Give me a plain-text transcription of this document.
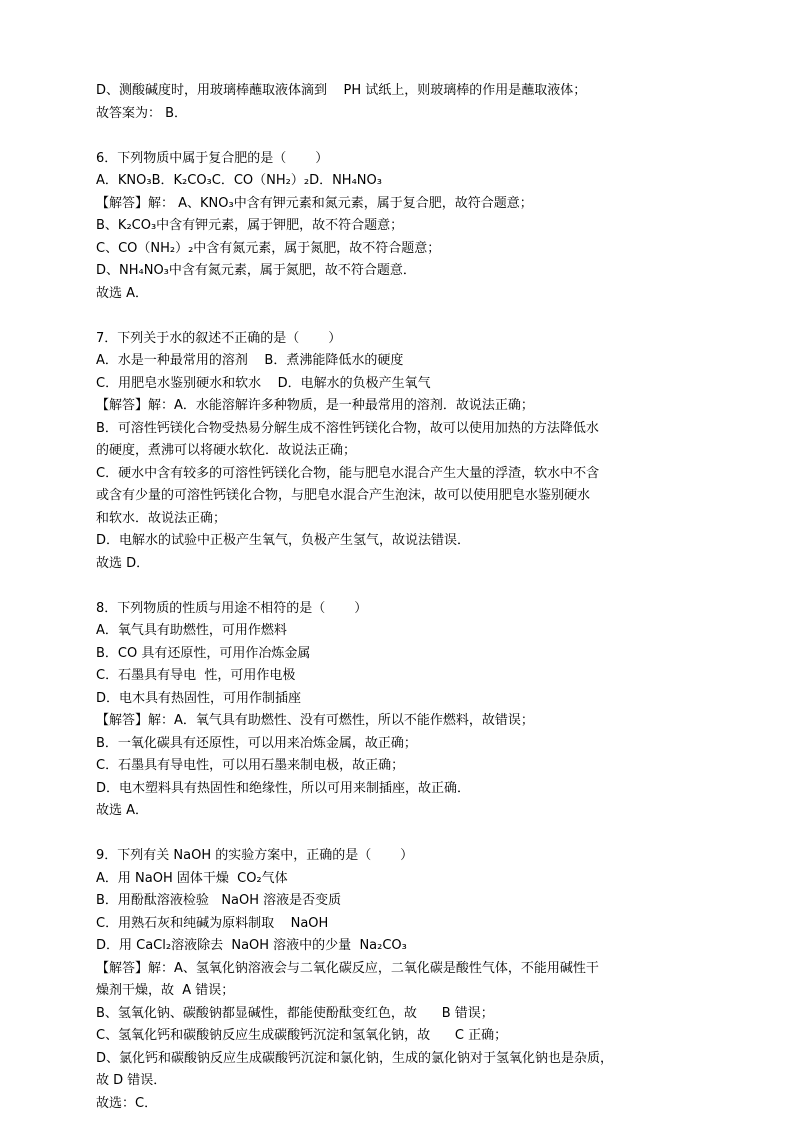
D、测酸碱度时，用玻璃棒蘸取液体滴到    PH 试纸上，则玻璃棒的作用是蘸取液体；
故答案为： B．
6．下列物质中属于复合肥的是（       ）
A．KNO₃B．K₂CO₃C．CO（NH₂）₂D．NH₄NO₃
【解答】解： A、KNO₃中含有钾元素和氮元素，属于复合肥，故符合题意；
B、K₂CO₃中含有钾元素，属于钾肥，故不符合题意；
C、CO（NH₂）₂中含有氮元素，属于氮肥，故不符合题意；
D、NH₄NO₃中含有氮元素，属于氮肥，故不符合题意．
故选 A．
7．下列关于水的叙述不正确的是（       ）
A．水是一种最常用的溶剂    B．煮沸能降低水的硬度
C．用肥皂水鉴别硬水和软水    D．电解水的负极产生氧气
【解答】解：A．水能溶解许多种物质，是一种最常用的溶剂．故说法正确；
B．可溶性钙镁化合物受热易分解生成不溶性钙镁化合物，故可以使用加热的方法降低水
的硬度，煮沸可以将硬水软化．故说法正确；
C．硬水中含有较多的可溶性钙镁化合物，能与肥皂水混合产生大量的浮渣，软水中不含
或含有少量的可溶性钙镁化合物，与肥皂水混合产生泡沫，故可以使用肥皂水鉴别硬水
和软水．故说法正确；
D．电解水的试验中正极产生氧气，负极产生氢气，故说法错误．
故选 D．
8．下列物质的性质与用途不相符的是（       ）
A．氧气具有助燃性，可用作燃料
B．CO 具有还原性，可用作冶炼金属
C．石墨具有导电  性，可用作电极
D．电木具有热固性，可用作制插座
【解答】解：A．氧气具有助燃性、没有可燃性，所以不能作燃料，故错误；
B．一氧化碳具有还原性，可以用来冶炼金属，故正确；
C．石墨具有导电性，可以用石墨来制电极，故正确；
D．电木塑料具有热固性和绝缘性，所以可用来制插座，故正确．
故选 A．
9．下列有关 NaOH 的实验方案中，正确的是（       ）
A．用 NaOH 固体干燥  CO₂气体
B．用酚酞溶液检验   NaOH 溶液是否变质
C．用熟石灰和纯碱为原料制取    NaOH
D．用 CaCl₂溶液除去  NaOH 溶液中的少量  Na₂CO₃
【解答】解：A、氢氧化钠溶液会与二氧化碳反应，二氧化碳是酸性气体，不能用碱性干
燥剂干燥，故  A 错误；
B、氢氧化钠、碳酸钠都显碱性，都能使酚酞变红色，故      B 错误；
C、氢氧化钙和碳酸钠反应生成碳酸钙沉淀和氢氧化钠，故      C 正确；
D、氯化钙和碳酸钠反应生成碳酸钙沉淀和氯化钠，生成的氯化钠对于氢氧化钠也是杂质，
故 D 错误．
故选：C．
